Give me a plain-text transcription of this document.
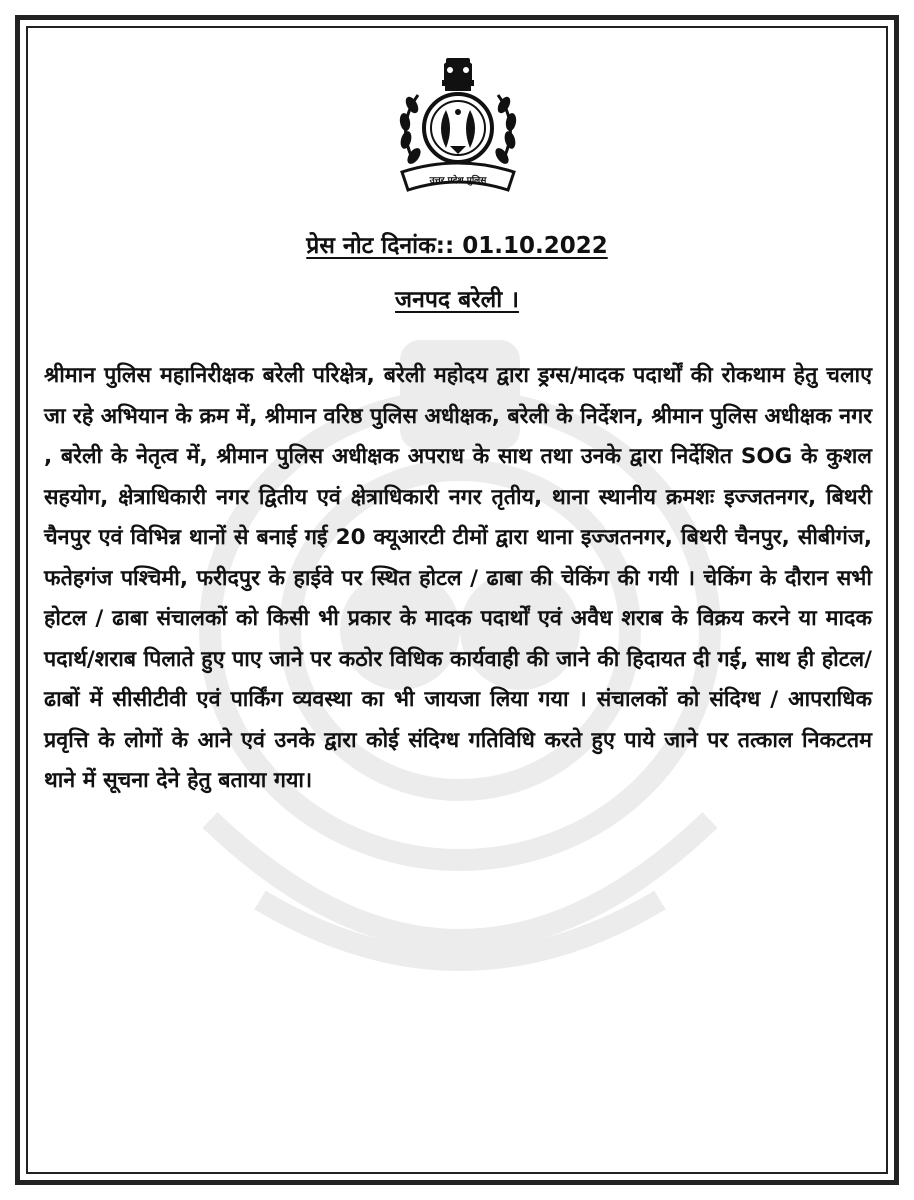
उत्तर प्रदेश पुलिस
प्रेस नोट दिनांक:: 01.10.2022
जनपद बरेली ।
श्रीमान पुलिस महानिरीक्षक बरेली परिक्षेत्र, बरेली महोदय द्वारा ड्रग्स/मादक पदार्थों की रोकथाम हेतु चलाए जा रहे अभियान के क्रम में, श्रीमान वरिष्ठ पुलिस अधीक्षक, बरेली के निर्देशन, श्रीमान पुलिस अधीक्षक नगर , बरेली के नेतृत्व में, श्रीमान पुलिस अधीक्षक अपराध के साथ तथा उनके द्वारा निर्देशित SOG के कुशल सहयोग, क्षेत्राधिकारी नगर द्वितीय एवं क्षेत्राधिकारी नगर तृतीय, थाना स्थानीय क्रमशः इज्जतनगर, बिथरी चैनपुर एवं विभिन्न थानों से बनाई गई 20 क्यूआरटी टीमों द्वारा थाना इज्जतनगर, बिथरी चैनपुर, सीबीगंज, फतेहगंज पश्चिमी, फरीदपुर के हाईवे पर स्थित होटल / ढाबा की चेकिंग की गयी । चेकिंग के दौरान सभी होटल / ढाबा संचालकों को किसी भी प्रकार के मादक पदार्थों एवं अवैध शराब के विक्रय करने या मादक पदार्थ/शराब पिलाते हुए पाए जाने पर कठोर विधिक कार्यवाही की जाने की हिदायत दी गई, साथ ही होटल/ढाबों में सीसीटीवी एवं पार्किंग व्यवस्था का भी जायजा लिया गया । संचालकों को संदिग्ध / आपराधिक प्रवृत्ति के लोगों के आने एवं उनके द्वारा कोई संदिग्ध गतिविधि करते हुए पाये जाने पर तत्काल निकटतम थाने में सूचना देने हेतु बताया गया।
